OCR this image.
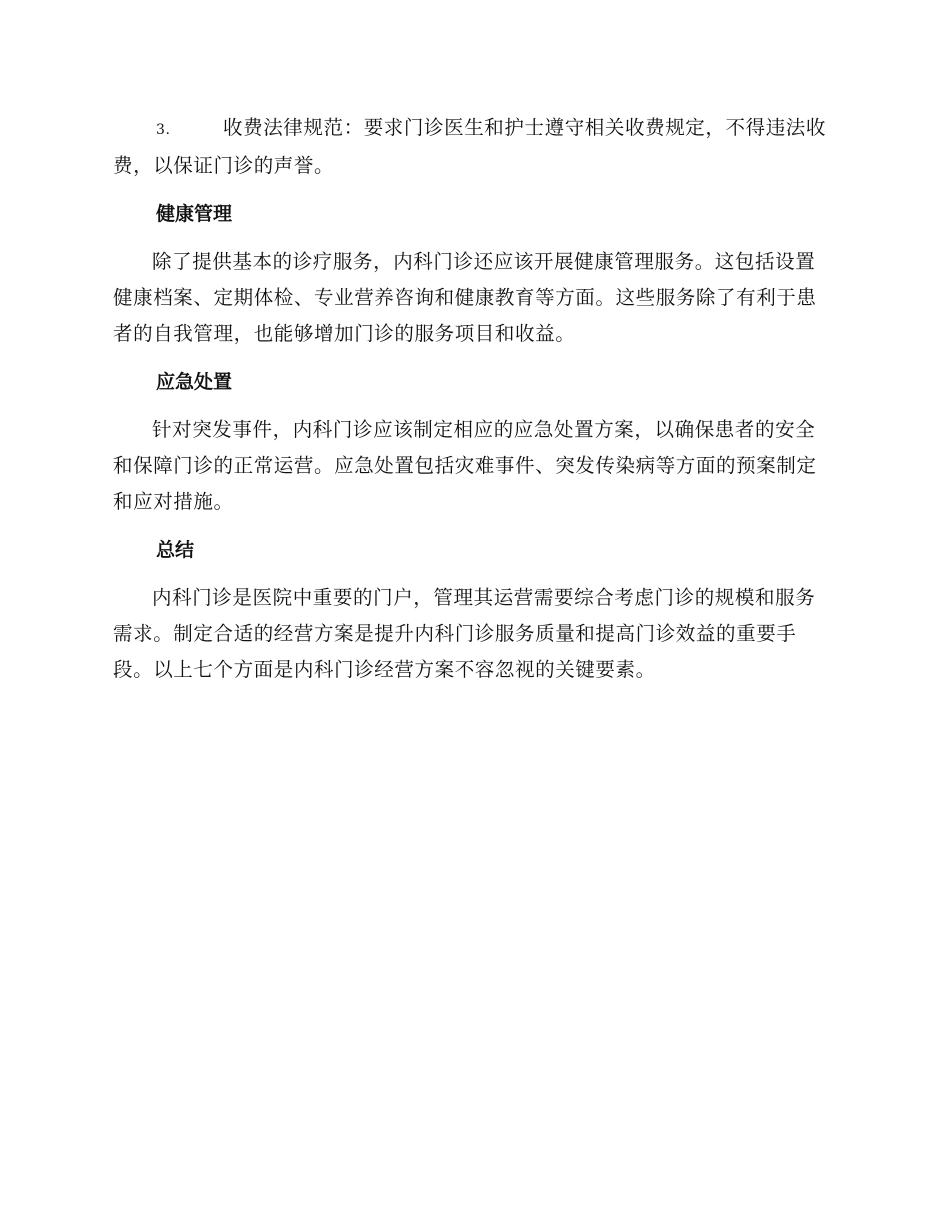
3.	收费法律规范：要求门诊医生和护士遵守相关收费规定，不得违法收费，以保证门诊的声誉。

健康管理

除了提供基本的诊疗服务，内科门诊还应该开展健康管理服务。这包括设置健康档案、定期体检、专业营养咨询和健康教育等方面。这些服务除了有利于患者的自我管理，也能够增加门诊的服务项目和收益。

应急处置

针对突发事件，内科门诊应该制定相应的应急处置方案，以确保患者的安全和保障门诊的正常运营。应急处置包括灾难事件、突发传染病等方面的预案制定和应对措施。

总结

内科门诊是医院中重要的门户，管理其运营需要综合考虑门诊的规模和服务需求。制定合适的经营方案是提升内科门诊服务质量和提高门诊效益的重要手段。以上七个方面是内科门诊经营方案不容忽视的关键要素。
